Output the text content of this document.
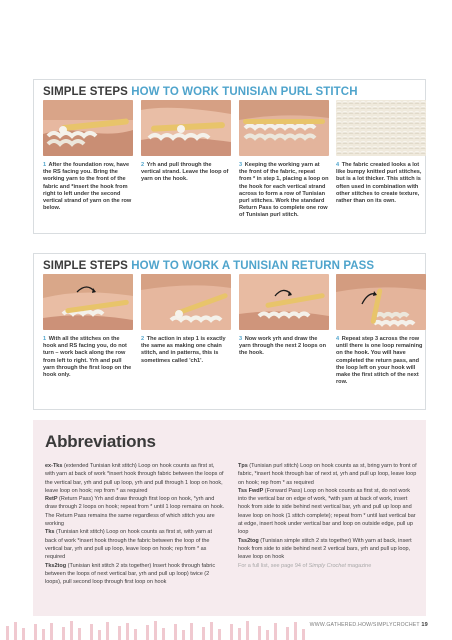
SIMPLE STEPS HOW TO WORK TUNISIAN PURL STITCH
1 After the foundation row, have the RS facing you. Bring the working yarn to the front of the fabric and *insert the hook from right to left under the second vertical strand of yarn on the row below.
2 Yrh and pull through the vertical strand. Leave the loop of yarn on the hook.
3 Keeping the working yarn at the front of the fabric, repeat from * in step 1, placing a loop on the hook for each vertical strand across to form a row of Tunisian purl stitches. Work the standard Return Pass to complete one row of Tunisian purl stitch.
4 The fabric created looks a lot like bumpy knitted purl stitches, but is a lot thicker. This stitch is often used in combination with other stitches to create texture, rather than on its own.
SIMPLE STEPS HOW TO WORK A TUNISIAN RETURN PASS
1 With all the stitches on the hook and RS facing you, do not turn – work back along the row from left to right. Yrh and pull yarn through the first loop on the hook only.
2 The action in step 1 is exactly the same as making one chain stitch, and in patterns, this is sometimes called 'ch1'.
3 Now work yrh and draw the yarn through the next 2 loops on the hook.
4 Repeat step 3 across the row until there is one loop remaining on the hook. You will have completed the return pass, and the loop left on your hook will make the first stitch of the next row.
Abbreviations
ex-Tks (extended Tunisian knit stitch) Loop on hook counts as first st, with yarn at back of work *insert hook through fabric between the loops of the vertical bar, yrh and pull up loop, yrh and pull through 1 loop on hook, leave loop on hook; rep from * as required
RetP (Return Pass) Yrh and draw through first loop on hook, *yrh and draw through 2 loops on hook; repeat from * until 1 loop remains on hook. The Return Pass remains the same regardless of which stitch you are working
Tks (Tunisian knit stitch) Loop on hook counts as first st, with yarn at back of work *insert hook through the fabric between the loop of the vertical bar, yrh and pull up loop, leave loop on hook; rep from * as required
Tks2tog (Tunisian knit stitch 2 sts together) Insert hook through fabric between the loops of next vertical bar, yrh and pull up loop) twice (2 loops), pull second loop through first loop on hook
Tps (Tunisian purl stitch) Loop on hook counts as st, bring yarn to front of fabric, *insert hook through bar of next st, yrh and pull up loop, leave loop on hook; rep from * as required
Tss FwdP (Forward Pass) Loop on hook counts as first st, do not work into the vertical bar on edge of work, *with yarn at back of work, insert hook from side to side behind next vertical bar, yrh and pull up loop and leave loop on hook (1 stitch complete); repeat from * until last vertical bar at edge, insert hook under vertical bar and loop on outside edge, pull up loop
Tss2tog (Tunisian simple stitch 2 sts together) With yarn at back, insert hook from side to side behind next 2 vertical bars, yrh and pull up loop, leave loop on hook
For a full list, see page 94 of Simply Crochet magazine
WWW.GATHERED.HOW/SIMPLYCROCHET 19
